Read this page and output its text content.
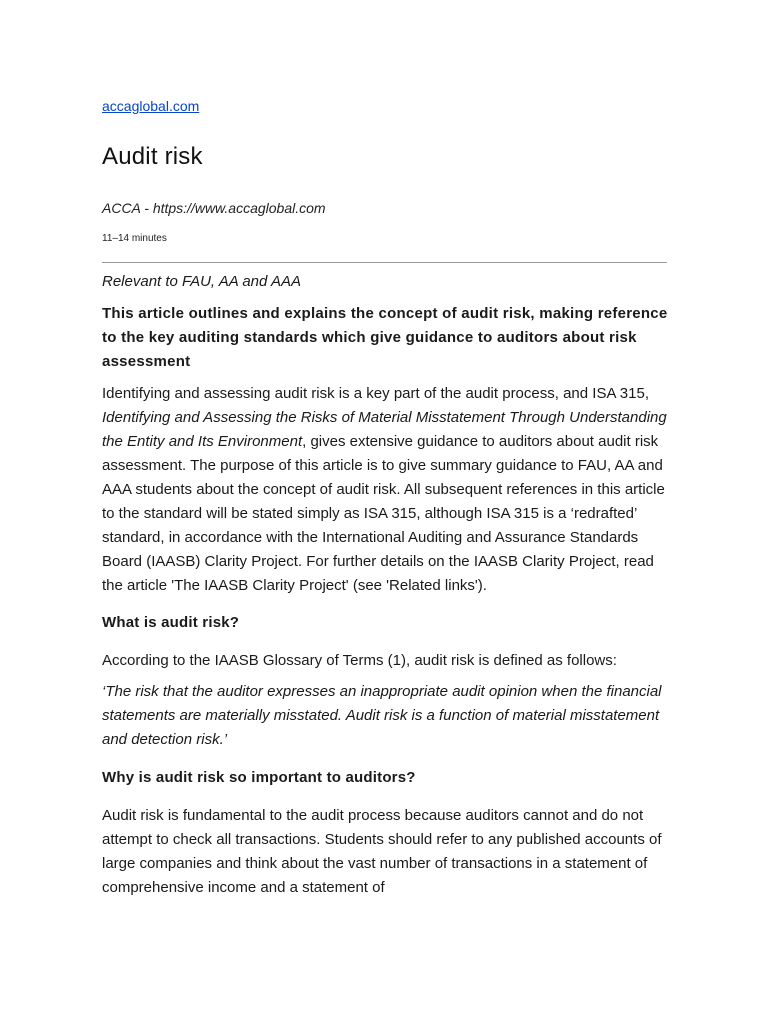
accaglobal.com
Audit risk
ACCA - https://www.accaglobal.com
11–14 minutes

Relevant to FAU, AA and AAA

This article outlines and explains the concept of audit risk, making reference to the key auditing standards which give guidance to auditors about risk assessment

Identifying and assessing audit risk is a key part of the audit process, and ISA 315, Identifying and Assessing the Risks of Material Misstatement Through Understanding the Entity and Its Environment, gives extensive guidance to auditors about audit risk assessment. The purpose of this article is to give summary guidance to FAU, AA and AAA students about the concept of audit risk. All subsequent references in this article to the standard will be stated simply as ISA 315, although ISA 315 is a ‘redrafted’ standard, in accordance with the International Auditing and Assurance Standards Board (IAASB) Clarity Project. For further details on the IAASB Clarity Project, read the article 'The IAASB Clarity Project' (see 'Related links').

What is audit risk?

According to the IAASB Glossary of Terms (1), audit risk is defined as follows:

‘The risk that the auditor expresses an inappropriate audit opinion when the financial statements are materially misstated. Audit risk is a function of material misstatement and detection risk.’

Why is audit risk so important to auditors?

Audit risk is fundamental to the audit process because auditors cannot and do not attempt to check all transactions. Students should refer to any published accounts of large companies and think about the vast number of transactions in a statement of comprehensive income and a statement of
